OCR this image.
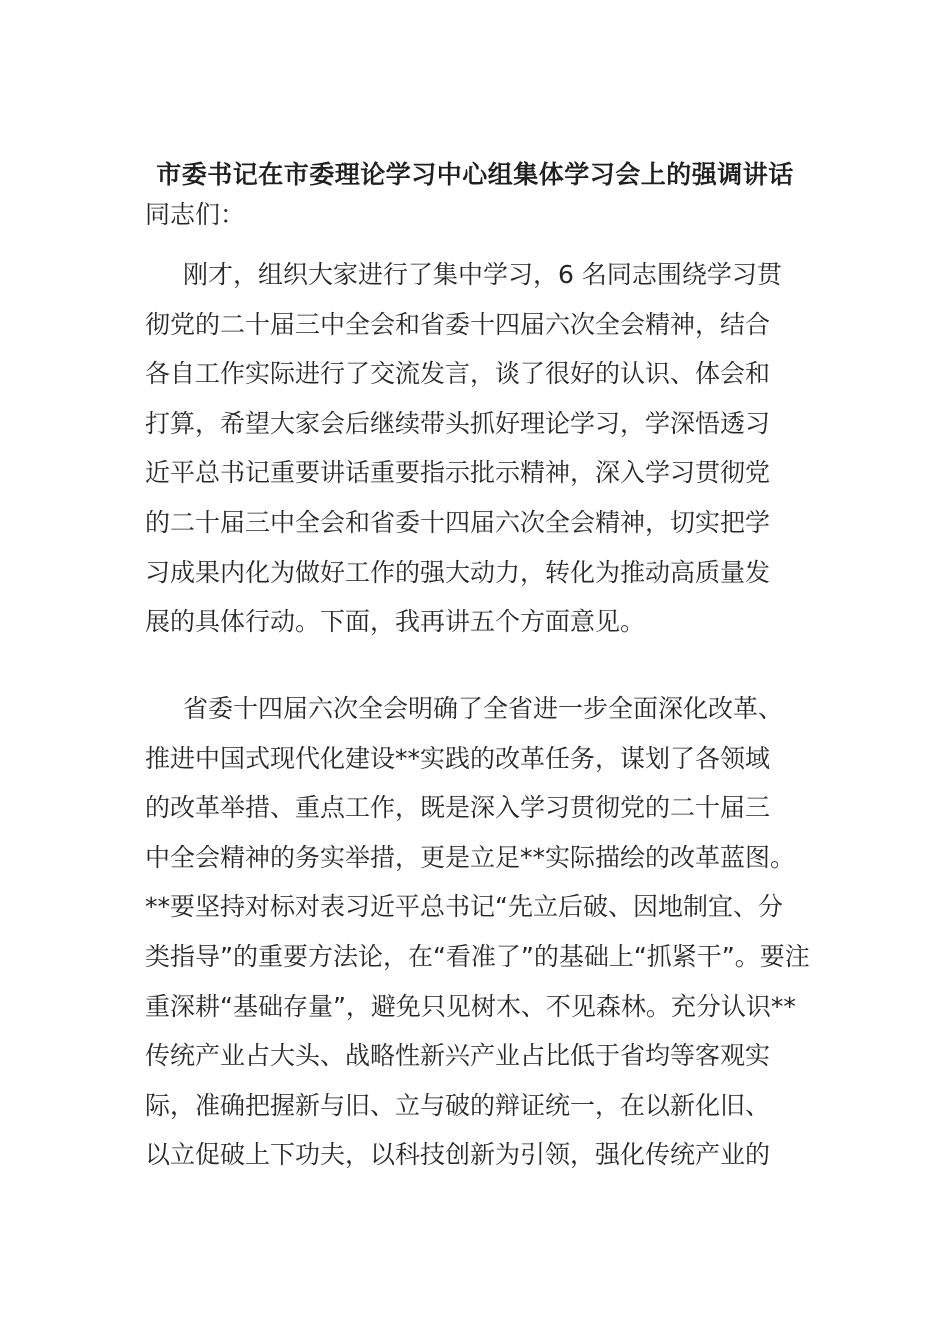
市委书记在市委理论学习中心组集体学习会上的强调讲话
同志们：
刚才，组织大家进行了集中学习，6 名同志围绕学习贯
彻党的二十届三中全会和省委十四届六次全会精神，结合
各自工作实际进行了交流发言，谈了很好的认识、体会和
打算，希望大家会后继续带头抓好理论学习，学深悟透习
近平总书记重要讲话重要指示批示精神，深入学习贯彻党
的二十届三中全会和省委十四届六次全会精神，切实把学
习成果内化为做好工作的强大动力，转化为推动高质量发
展的具体行动。下面，我再讲五个方面意见。
省委十四届六次全会明确了全省进一步全面深化改革、
推进中国式现代化建设**实践的改革任务，谋划了各领域
的改革举措、重点工作，既是深入学习贯彻党的二十届三
中全会精神的务实举措，更是立足**实际描绘的改革蓝图。
**要坚持对标对表习近平总书记“先立后破、因地制宜、分
类指导”的重要方法论，在“看准了”的基础上“抓紧干”。要注
重深耕“基础存量”，避免只见树木、不见森林。充分认识**
传统产业占大头、战略性新兴产业占比低于省均等客观实
际，准确把握新与旧、立与破的辩证统一，在以新化旧、
以立促破上下功夫，以科技创新为引领，强化传统产业的
